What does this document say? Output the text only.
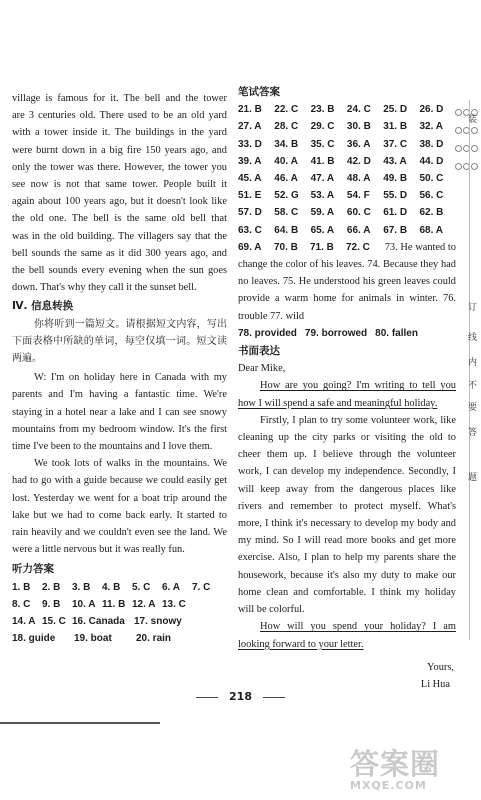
village is famous for it. The bell and the tower
are 3 centuries old. There used to be an old yard
with a tower inside it. The buildings in the yard
were burnt down in a big fire 150 years ago, and
only the tower was there. However, the tower you
see now is not that same tower. People built it
again about 100 years ago, but it doesn't look like
the old one. The bell is the same old bell that
was in the old building. The villagers say that the
bell sounds the same as it did 300 years ago, and
the bell sounds every evening when the sun goes
down. That's why they call it the sunset bell.
Ⅳ. 信息转换
你将听到一篇短文。请根据短文内容，写出下面表格中所缺的单词，每空仅填一词。短文读两遍。
W: I'm on holiday here in Canada with my parents and I'm having a fantastic time. We're staying in a hotel near a lake and I can see snowy mountains from my bedroom window. It's the first time I've been to the mountains and I love them.
We took lots of walks in the mountains. We had to go with a guide because we could easily get lost. Yesterday we went for a boat trip around the lake but we had to come back early. It started to rain heavily and we couldn't even see the land. We were a little nervous but it was really fun.
听力答案
1. B 2. B 3. B 4. B 5. C 6. A 7. C
8. C 9. B 10. A 11. B 12. A 13. C
14. A 15. C 16. Canada 17. snowy
18. guide 19. boat 20. rain
笔试答案
21. B 22. C 23. B 24. C 25. D 26. D
27. A 28. C 29. C 30. B 31. B 32. A
33. D 34. B 35. C 36. A 37. C 38. D
39. A 40. A 41. B 42. D 43. A 44. D
45. A 46. A 47. A 48. A 49. B 50. C
51. E 52. G 53. A 54. F 55. D 56. C
57. D 58. C 59. A 60. C 61. D 62. B
63. C 64. B 65. A 66. A 67. B 68. A
69. A70. B71. B72. C 73. He wanted to change the color of his leaves. 74. Because they had no leaves. 75. He understood his green leaves could provide a warm home for animals in winter. 76. trouble 77. wild
78. provided 79. borrowed 80. fallen
书面表达
Dear Mike,
How are you going? I'm writing to tell you how I will spend a safe and meaningful holiday.
Firstly, I plan to try some volunteer work, like cleaning up the city parks or visiting the old to cheer them up. I believe through the volunteer work, I can develop my independence. Secondly, I will keep away from the dangerous places like rivers and remember to protect myself. What's more, I think it's necessary to develop my body and my mind. So I will read more books and get more exercise. Also, I plan to help my parents share the housework, because it's also my duty to make our home clean and comfortable. I think my holiday will be colorful.
How will you spend your holiday? I am looking forward to your letter.
Yours,
Li Hua

装
订
线
内
不
要
答
题
218
答案圈
MXQE.COM
